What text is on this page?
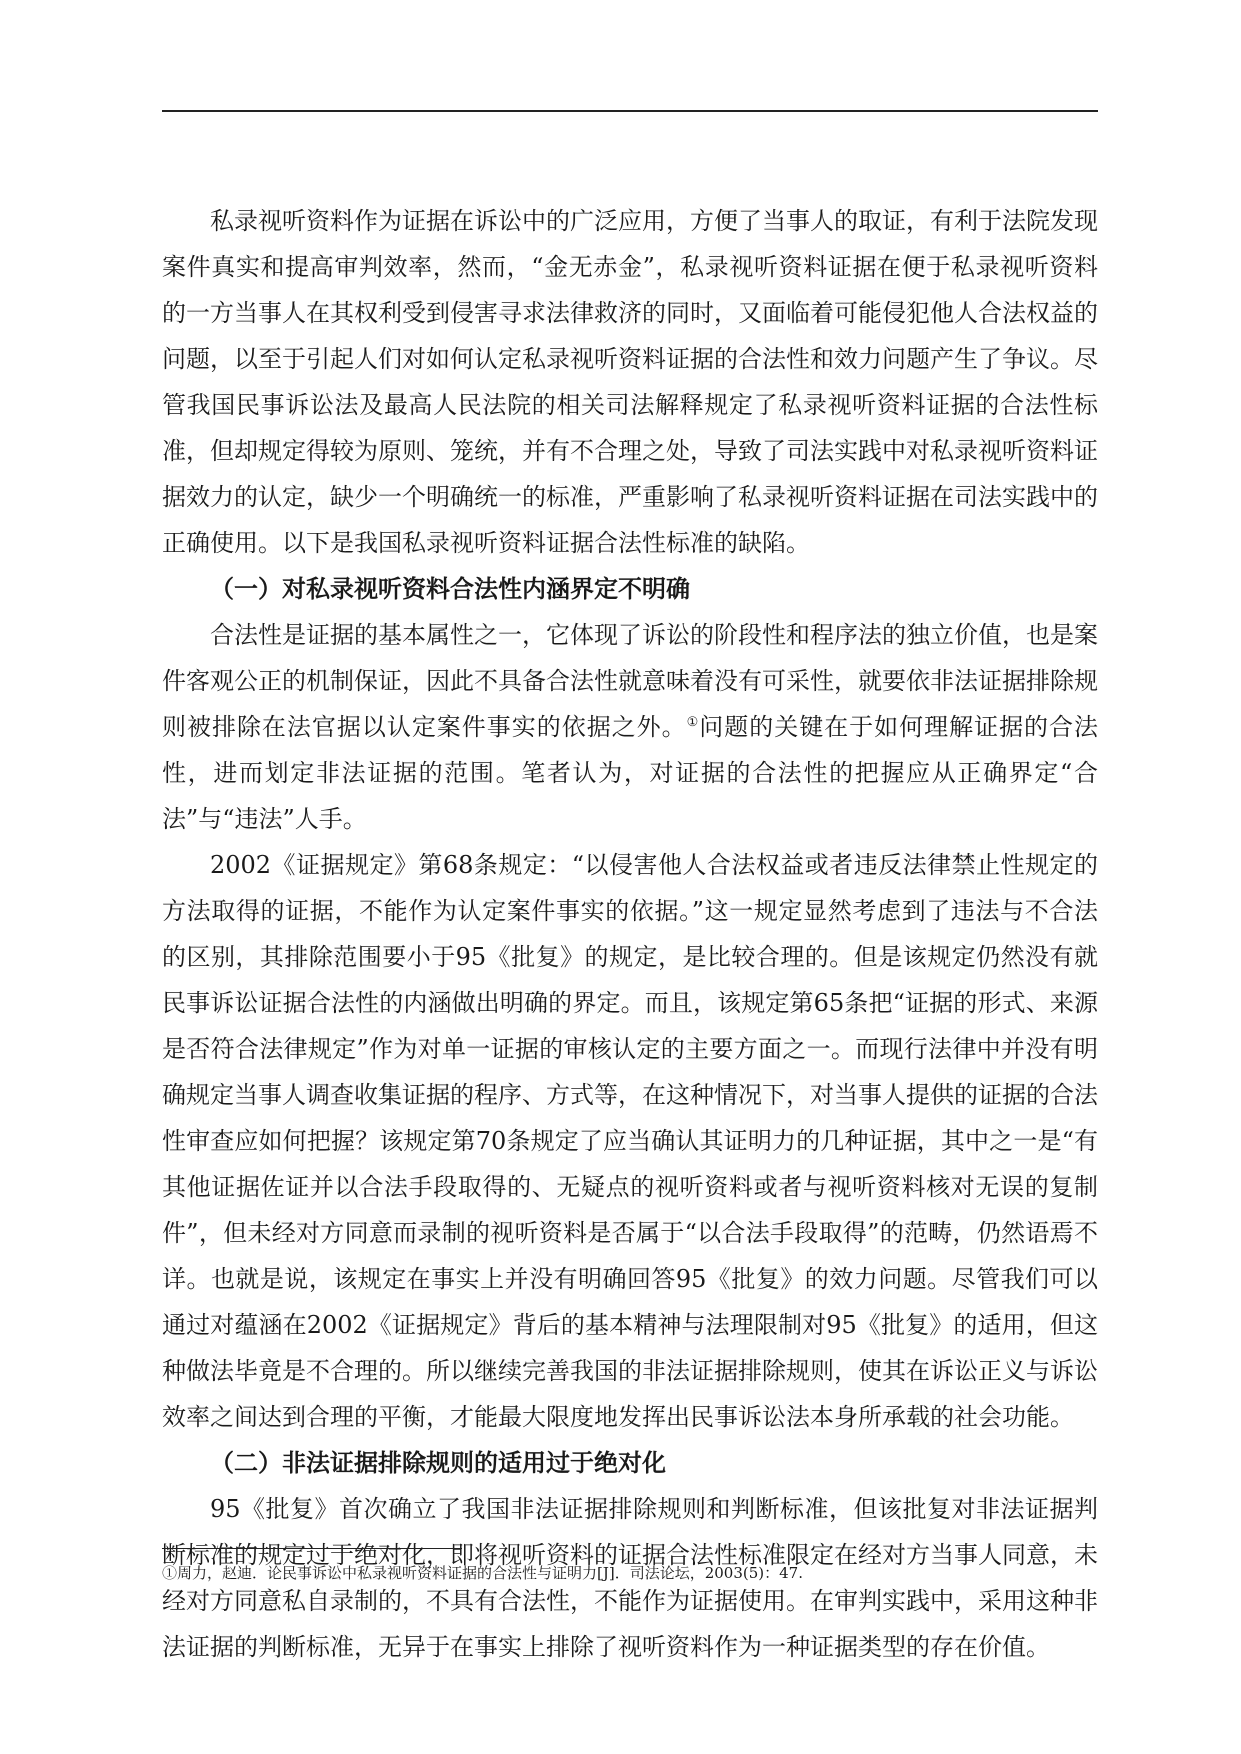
私录视听资料作为证据在诉讼中的广泛应用，方便了当事人的取证，有利于法院发现案件真实和提高审判效率，然而，“金无赤金”，私录视听资料证据在便于私录视听资料的一方当事人在其权利受到侵害寻求法律救济的同时，又面临着可能侵犯他人合法权益的问题，以至于引起人们对如何认定私录视听资料证据的合法性和效力问题产生了争议。尽管我国民事诉讼法及最高人民法院的相关司法解释规定了私录视听资料证据的合法性标准，但却规定得较为原则、笼统，并有不合理之处，导致了司法实践中对私录视听资料证据效力的认定，缺少一个明确统一的标准，严重影响了私录视听资料证据在司法实践中的正确使用。以下是我国私录视听资料证据合法性标准的缺陷。

（一）对私录视听资料合法性内涵界定不明确

合法性是证据的基本属性之一，它体现了诉讼的阶段性和程序法的独立价值，也是案件客观公正的机制保证，因此不具备合法性就意味着没有可采性，就要依非法证据排除规则被排除在法官据以认定案件事实的依据之外。①问题的关键在于如何理解证据的合法性，进而划定非法证据的范围。笔者认为，对证据的合法性的把握应从正确界定“合法”与“违法”人手。

2002《证据规定》第68条规定：“以侵害他人合法权益或者违反法律禁止性规定的方法取得的证据，不能作为认定案件事实的依据。”这一规定显然考虑到了违法与不合法的区别，其排除范围要小于95《批复》的规定，是比较合理的。但是该规定仍然没有就民事诉讼证据合法性的内涵做出明确的界定。而且，该规定第65条把“证据的形式、来源是否符合法律规定”作为对单一证据的审核认定的主要方面之一。而现行法律中并没有明确规定当事人调查收集证据的程序、方式等，在这种情况下，对当事人提供的证据的合法性审查应如何把握？该规定第70条规定了应当确认其证明力的几种证据，其中之一是“有其他证据佐证并以合法手段取得的、无疑点的视听资料或者与视听资料核对无误的复制件”，但未经对方同意而录制的视听资料是否属于“以合法手段取得”的范畴，仍然语焉不详。也就是说，该规定在事实上并没有明确回答95《批复》的效力问题。尽管我们可以通过对蕴涵在2002《证据规定》背后的基本精神与法理限制对95《批复》的适用，但这种做法毕竟是不合理的。所以继续完善我国的非法证据排除规则，使其在诉讼正义与诉讼效率之间达到合理的平衡，才能最大限度地发挥出民事诉讼法本身所承载的社会功能。

（二）非法证据排除规则的适用过于绝对化

95《批复》首次确立了我国非法证据排除规则和判断标准，但该批复对非法证据判断标准的规定过于绝对化，即将视听资料的证据合法性标准限定在经对方当事人同意，未经对方同意私自录制的，不具有合法性，不能作为证据使用。在审判实践中，采用这种非法证据的判断标准，无异于在事实上排除了视听资料作为一种证据类型的存在价值。

①周力，赵迪．论民事诉讼中私录视听资料证据的合法性与证明力[J]．司法论坛，2003(5)：47.
